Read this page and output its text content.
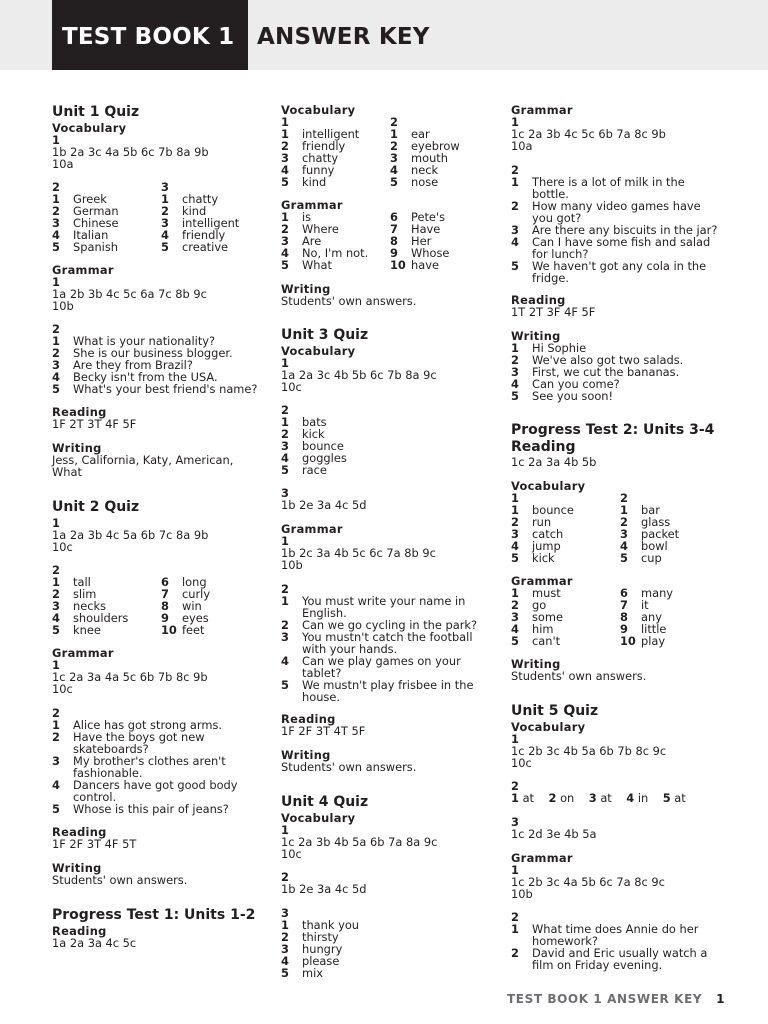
TEST BOOK 1 ANSWER KEY
Unit 1 Quiz
Vocabulary
1
1b 2a 3c 4a 5b 6c 7b 8a 9b
10a
2	3
1 Greek	1 chatty
2 German	2 kind
3 Chinese	3 intelligent
4 Italian	4 friendly
5 Spanish	5 creative
Grammar
1
1a 2b 3b 4c 5c 6a 7c 8b 9c
10b
2
1 What is your nationality?
2 She is our business blogger.
3 Are they from Brazil?
4 Becky isn't from the USA.
5 What's your best friend's name?
Reading
1F 2T 3T 4F 5F
Writing
Jess, California, Katy, American,
What
Unit 2 Quiz
1
1a 2a 3b 4c 5a 6b 7c 8a 9b
10c
2
1 tall	6 long
2 slim	7 curly
3 necks	8 win
4 shoulders	9 eyes
5 knee	10 feet
Grammar
1
1c 2a 3a 4a 5c 6b 7b 8c 9b
10c
2
1 Alice has got strong arms.
2 Have the boys got new
skateboards?
3 My brother's clothes aren't
fashionable.
4 Dancers have got good body
control.
5 Whose is this pair of jeans?
Reading
1F 2F 3T 4F 5T
Writing
Students' own answers.
Progress Test 1: Units 1-2
Reading
1a 2a 3a 4c 5c
Vocabulary
1	2
1 intelligent	1 ear
2 friendly	2 eyebrow
3 chatty	3 mouth
4 funny	4 neck
5 kind	5 nose
Grammar
1 is	6 Pete's
2 Where	7 Have
3 Are	8 Her
4 No, I'm not. 9 Whose
5 What	10 have
Writing
Students' own answers.
Unit 3 Quiz
Vocabulary
1
1a 2a 3c 4b 5b 6c 7b 8a 9c
10c
2
1 bats
2 kick
3 bounce
4 goggles
5 race
3
1b 2e 3a 4c 5d
Grammar
1
1b 2c 3a 4b 5c 6c 7a 8b 9c
10b
2
1 You must write your name in
English.
2 Can we go cycling in the park?
3 You mustn't catch the football
with your hands.
4 Can we play games on your
tablet?
5 We mustn't play frisbee in the
house.
Reading
1F 2F 3T 4T 5F
Writing
Students' own answers.
Unit 4 Quiz
Vocabulary
1
1c 2a 3b 4b 5a 6b 7a 8a 9c
10c
2
1b 2e 3a 4c 5d
3
1 thank you
2 thirsty
3 hungry
4 please
5 mix
Grammar
1
1c 2a 3b 4c 5c 6b 7a 8c 9b
10a
2
1 There is a lot of milk in the
bottle.
2 How many video games have
you got?
3 Are there any biscuits in the jar?
4 Can I have some fish and salad
for lunch?
5 We haven't got any cola in the
fridge.
Reading
1T 2T 3F 4F 5F
Writing
1 Hi Sophie
2 We've also got two salads.
3 First, we cut the bananas.
4 Can you come?
5 See you soon!
Progress Test 2: Units 3-4
Reading
1c 2a 3a 4b 5b
Vocabulary
1	2
1 bounce	1 bar
2 run	2 glass
3 catch	3 packet
4 jump	4 bowl
5 kick	5 cup
Grammar
1 must	6 many
2 go	7 it
3 some	8 any
4 him	9 little
5 can't	10 play
Writing
Students' own answers.
Unit 5 Quiz
Vocabulary
1
1c 2b 3c 4b 5a 6b 7b 8c 9c
10c
2
1 at 2 on 3 at 4 in 5 at
3
1c 2d 3e 4b 5a
Grammar
1
1c 2b 3c 4a 5b 6c 7a 8c 9c
10b
2
1 What time does Annie do her
homework?
2 David and Eric usually watch a
film on Friday evening.
TEST BOOK 1 ANSWER KEY 1
